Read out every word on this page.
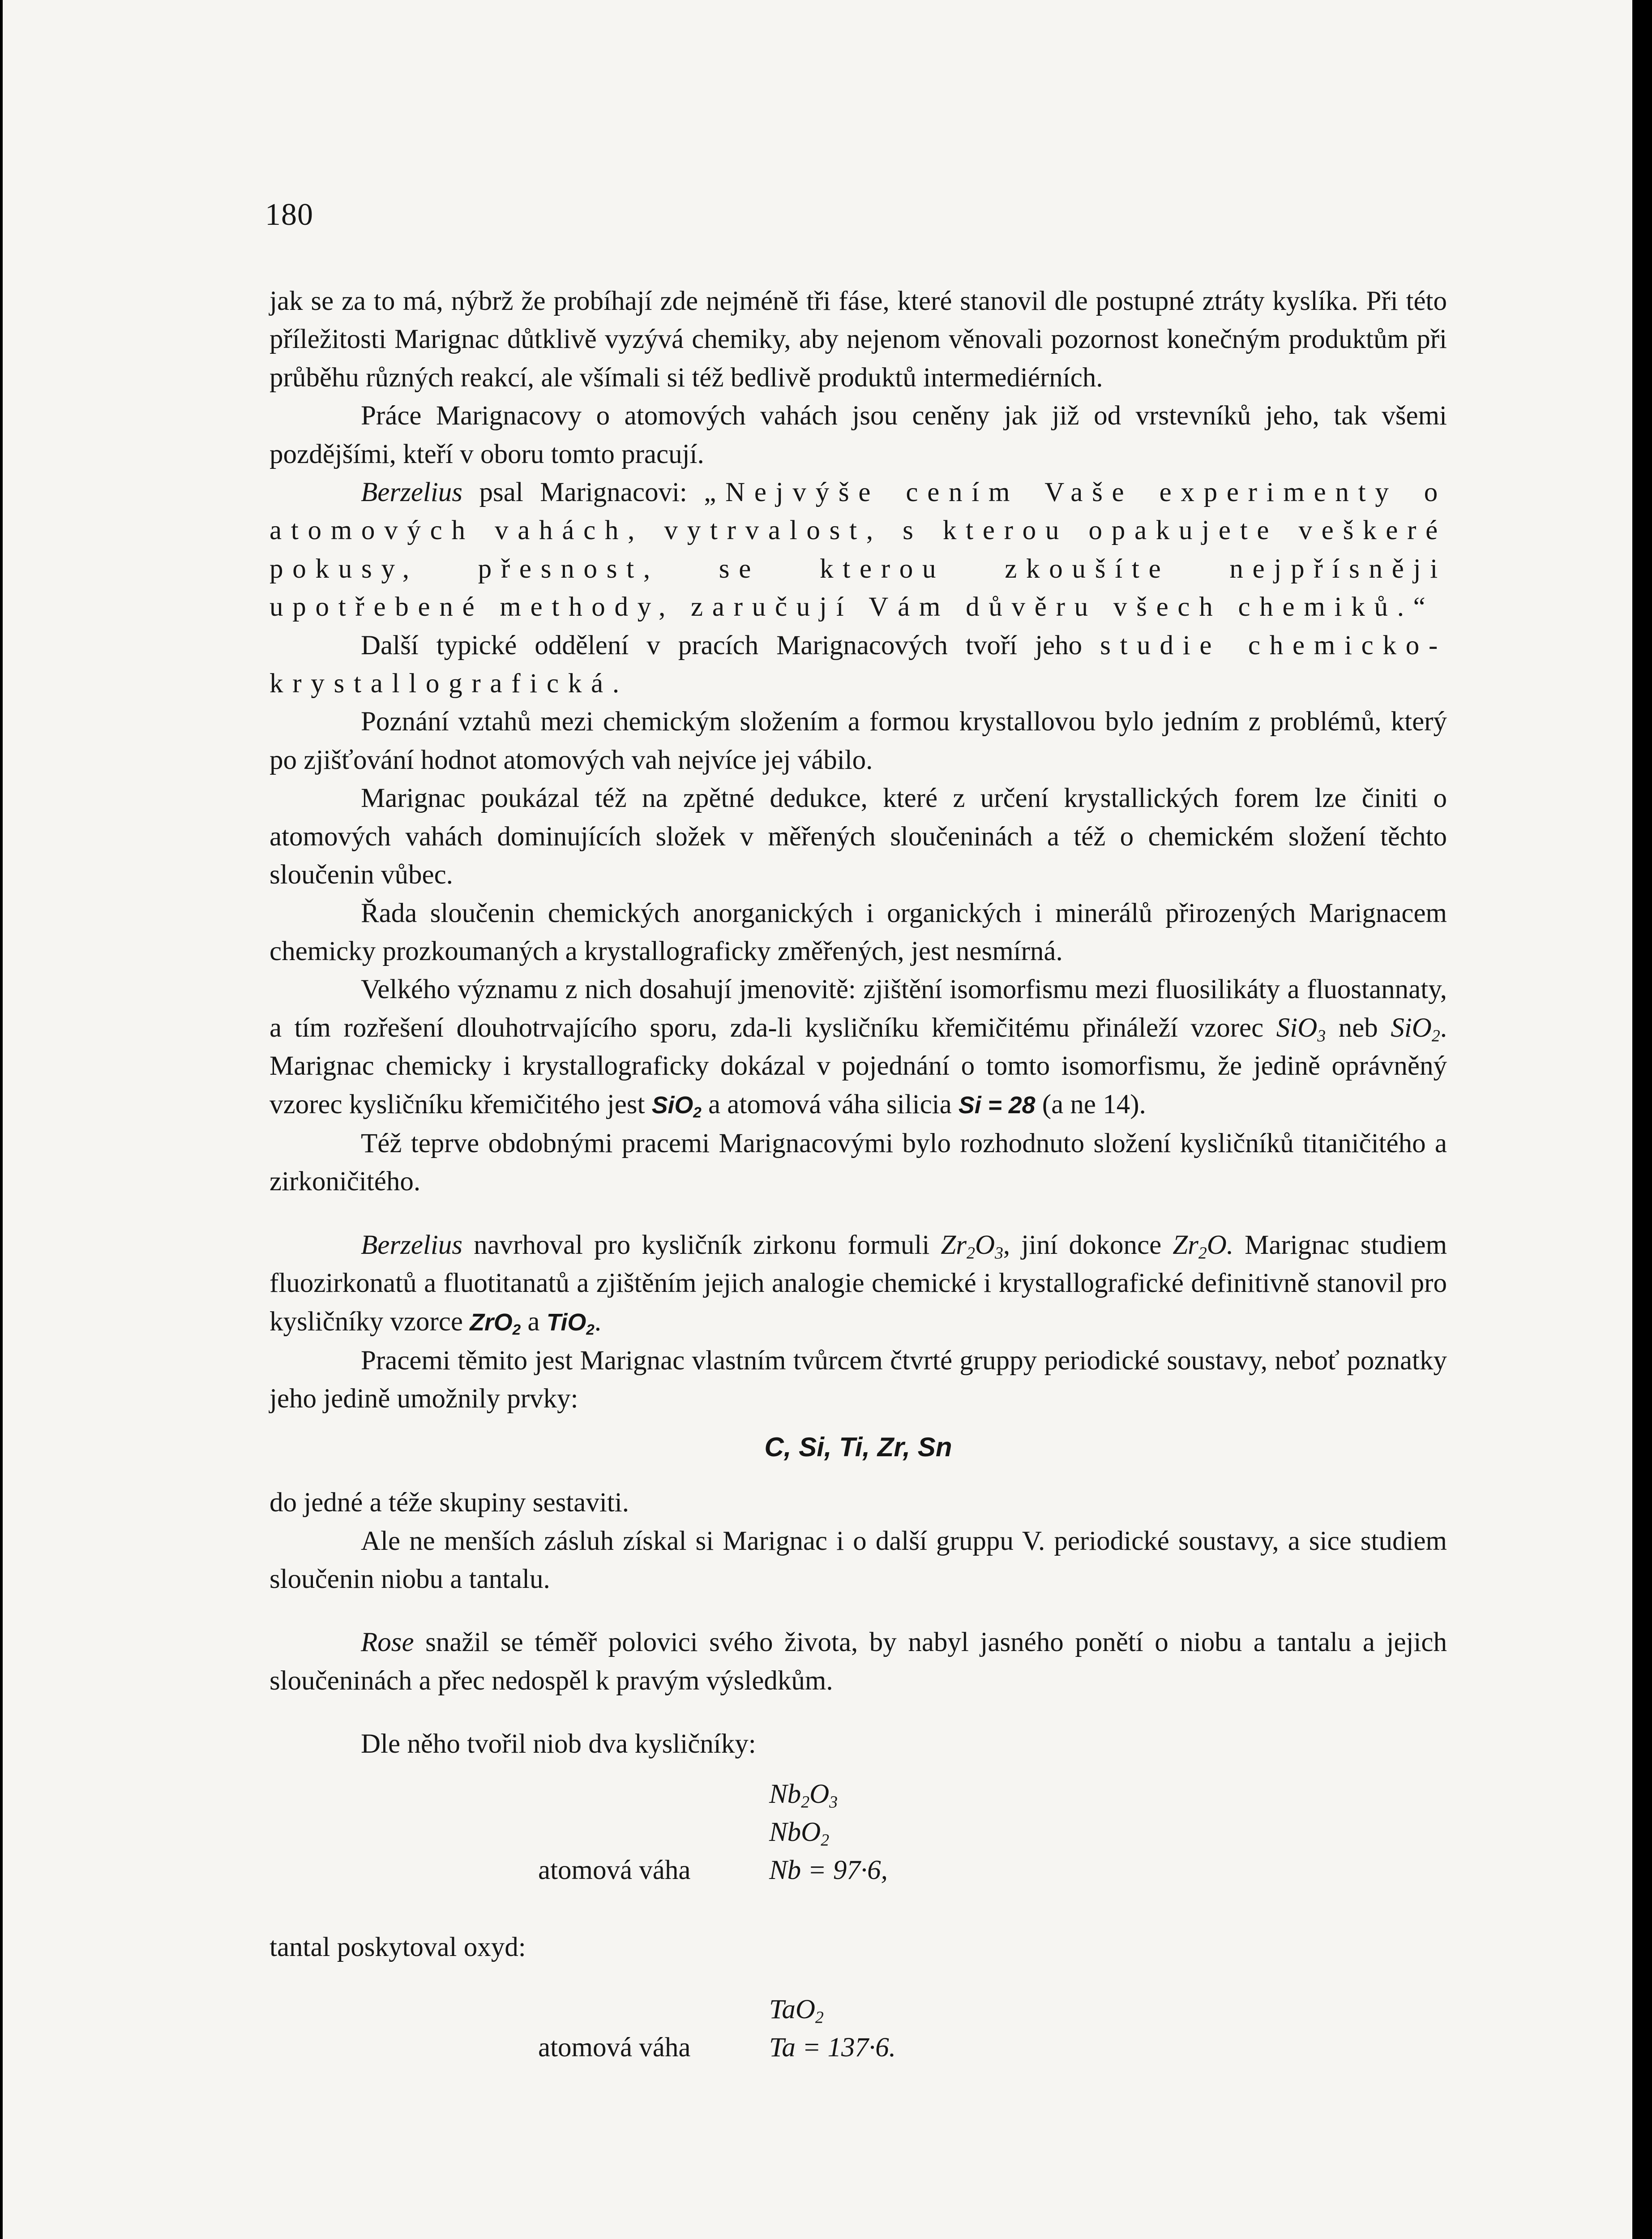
180

jak se za to má, nýbrž že probíhají zde nejméně tři fáse, které stanovil dle postupné ztráty kyslíka. Při této příležitosti Marignac důtklivě vyzývá chemiky, aby nejenom věnovali pozornost konečným produktům při průběhu různých reakcí, ale všímali si též bedlivě produktů intermediérních.

Práce Marignacovy o atomových vahách jsou ceněny jak již od vrstevníků jeho, tak všemi pozdějšími, kteří v oboru tomto pracují.

Berzelius psal Marignacovi: „Nejvýše cením Vaše experimenty o atomových vahách, vytrvalost, s kterou opakujete veškeré pokusy, přesnost, se kterou zkoušíte nejpřísněji upotřebené methody, zaručují Vám důvěru všech chemiků.“

Další typické oddělení v pracích Marignacových tvoří jeho studie chemicko-krystallografická.

Poznání vztahů mezi chemickým složením a formou krystallovou bylo jedním z problémů, který po zjišťování hodnot atomových vah nejvíce jej vábilo.

Marignac poukázal též na zpětné dedukce, které z určení krystallických forem lze činiti o atomových vahách dominujících složek v měřených sloučeninách a též o chemickém složení těchto sloučenin vůbec.

Řada sloučenin chemických anorganických i organických i minerálů přirozených Marignacem chemicky prozkoumaných a krystallograficky změřených, jest nesmírná.

Velkého významu z nich dosahují jmenovitě: zjištění isomorfismu mezi fluosilikáty a fluostannaty, a tím rozřešení dlouhotrvajícího sporu, zda-li kysličníku křemičitému přináleží vzorec SiO$_3$ neb SiO$_2$. Marignac chemicky i krystallograficky dokázal v pojednání o tomto isomorfismu, že jedině oprávněný vzorec kysličníku křemičitého jest SiO$_2$ a atomová váha silicia Si = 28 (a ne 14).

Též teprve obdobnými pracemi Marignacovými bylo rozhodnuto složení kysličníků titaničitého a zirkoničitého.

Berzelius navrhoval pro kysličník zirkonu formuli $Zr_2O_3$, jiní dokonce $Zr_2O$. Marignac studiem fluozirkonatů a fluotitanatů a zjištěním jejich analogie chemické i krystallografické definitivně stanovil pro kysličníky vzorce ZrO$_2$ a TiO$_2$.

Pracemi těmito jest Marignac vlastním tvůrcem čtvrté gruppy periodické soustavy, neboť poznatky jeho jedině umožnily prvky:

C, Si, Ti, Zr, Sn

do jedné a téže skupiny sestaviti.

Ale ne menších zásluh získal si Marignac i o další gruppu V. periodické soustavy, a sice studiem sloučenin niobu a tantalu.

Rose snažil se téměř polovici svého života, by nabyl jasného ponětí o niobu a tantalu a jejich sloučeninách a přec nedospěl k pravým výsledkům.

Dle něho tvořil niob dva kysličníky:

$Nb_2O_3$
NbO$_2$
atomová váha	Nb = 97·6,

tantal poskytoval oxyd:

TaO$_2$
atomová váha	Ta = 137·6.
